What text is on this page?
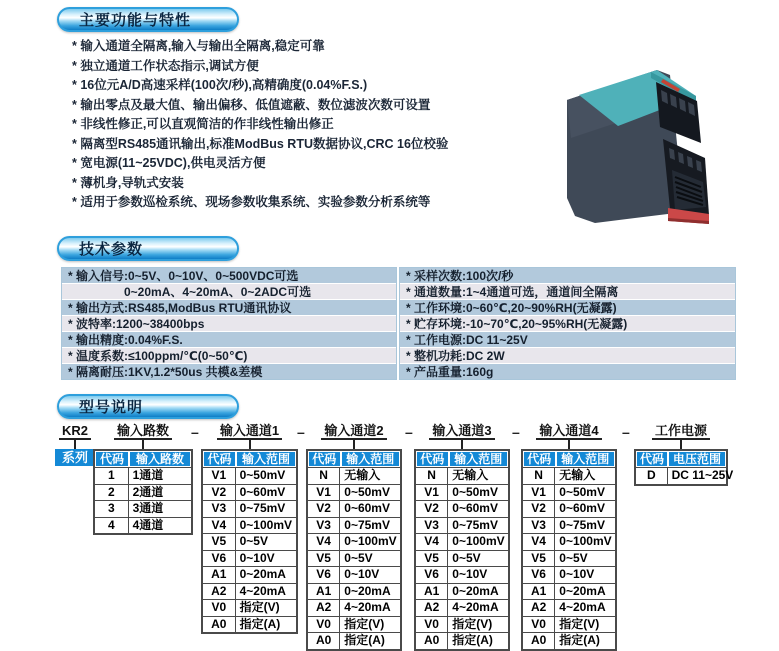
主要功能与特性
* 输入通道全隔离,输入与输出全隔离,稳定可靠
* 独立通道工作状态指示,调试方便
* 16位元A/D高速采样(100次/秒),高精确度(0.04%F.S.)
* 输出零点及最大值、输出偏移、低值遮蔽、数位滤波次数可设置
* 非线性修正,可以直观简洁的作非线性输出修正
* 隔离型RS485通讯输出,标准ModBus RTU数据协议,CRC 16位校验
* 宽电源(11~25VDC),供电灵活方便
* 薄机身,导轨式安装
* 适用于参数巡检系统、现场参数收集系统、实验参数分析系统等
技术参数
* 输入信号:0~5V、0~10V、0~500VDC可选
0~20mA、4~20mA、0~2ADC可选
* 输出方式:RS485,ModBus RTU通讯协议
* 波特率:1200~38400bps
* 输出精度:0.04%F.S.
* 温度系数:≤100ppm/℃(0~50℃)
* 隔离耐压:1KV,1.2*50us 共模&差模
* 采样次数:100次/秒
* 通道数量:1~4通道可选，通道间全隔离
* 工作环境:0~60℃,20~90%RH(无凝露)
* 贮存环境:-10~70℃,20~95%RH(无凝露)
* 工作电源:DC 11~25V
* 整机功耗:DC 2W
* 产品重量:160g
型号说明
KR2
系列
输入路数
代码 输入路数
1	1通道
2	2通道
3	3通道
4	4通道
输入通道1
代码 输入范围
V1	0~50mV
V2	0~60mV
V3	0~75mV
V4	0~100mV
V5	0~5V
V6	0~10V
A1	0~20mA
A2	4~20mA
V0	指定(V)
A0	指定(A)
输入通道2
代码 输入范围
N	无输入
V1	0~50mV
V2	0~60mV
V3	0~75mV
V4	0~100mV
V5	0~5V
V6	0~10V
A1	0~20mA
A2	4~20mA
V0	指定(V)
A0	指定(A)
输入通道3
代码 输入范围
N	无输入
V1	0~50mV
V2	0~60mV
V3	0~75mV
V4	0~100mV
V5	0~5V
V6	0~10V
A1	0~20mA
A2	4~20mA
V0	指定(V)
A0	指定(A)
输入通道4
代码 输入范围
N	无输入
V1	0~50mV
V2	0~60mV
V3	0~75mV
V4	0~100mV
V5	0~5V
V6	0~10V
A1	0~20mA
A2	4~20mA
V0	指定(V)
A0	指定(A)
工作电源
代码 电压范围
D	DC 11~25V
–	–	–	–	–
